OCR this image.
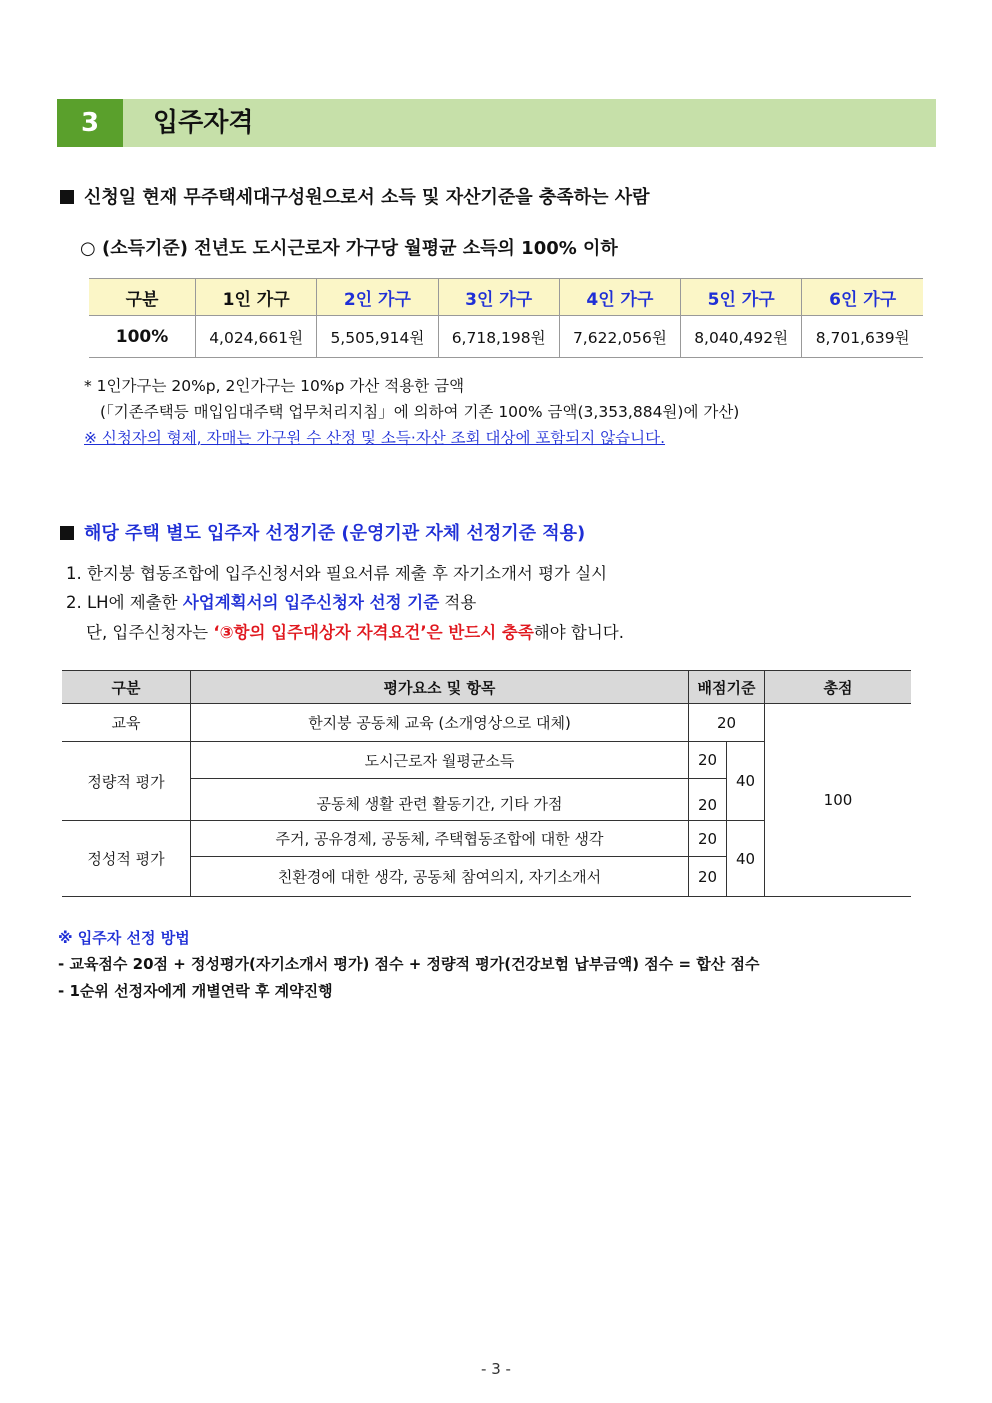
3	입주자격
신청일 현재 무주택세대구성원으로서 소득 및 자산기준을 충족하는 사람
○ (소득기준) 전년도 도시근로자 가구당 월평균 소득의 100% 이하
구분	1인 가구	2인 가구	3인 가구	4인 가구	5인 가구	6인 가구
100%	4,024,661원	5,505,914원	6,718,198원	7,622,056원	8,040,492원	8,701,639원
* 1인가구는 20%p, 2인가구는 10%p 가산 적용한 금액
(「기존주택등 매입임대주택 업무처리지침」에 의하여 기존 100% 금액(3,353,884원)에 가산)
※ 신청자의 형제, 자매는 가구원 수 산정 및 소득·자산 조회 대상에 포함되지 않습니다.
해당 주택 별도 입주자 선정기준 (운영기관 자체 선정기준 적용)
1. 한지붕 협동조합에 입주신청서와 필요서류 제출 후 자기소개서 평가 실시
2. LH에 제출한 사업계획서의 입주신청자 선정 기준 적용
단, 입주신청자는 ‘③항의 입주대상자 자격요건’은 반드시 충족해야 합니다.
구분	평가요소 및 항목	배점기준		총점
교육	한지붕 공동체 교육 (소개영상으로 대체)	20		100
정량적 평가	도시근로자 월평균소득	20	40	
	공동체 생활 관련 활동기간, 기타 가점	20		
정성적 평가	주거, 공유경제, 공동체, 주택협동조합에 대한 생각	20	40	
	친환경에 대한 생각, 공동체 참여의지, 자기소개서	20		
※ 입주자 선정 방법
- 교육점수 20점 + 정성평가(자기소개서 평가) 점수 + 정량적 평가(건강보험 납부금액) 점수 = 합산 점수
- 1순위 선정자에게 개별연락 후 계약진행
- 3 -
